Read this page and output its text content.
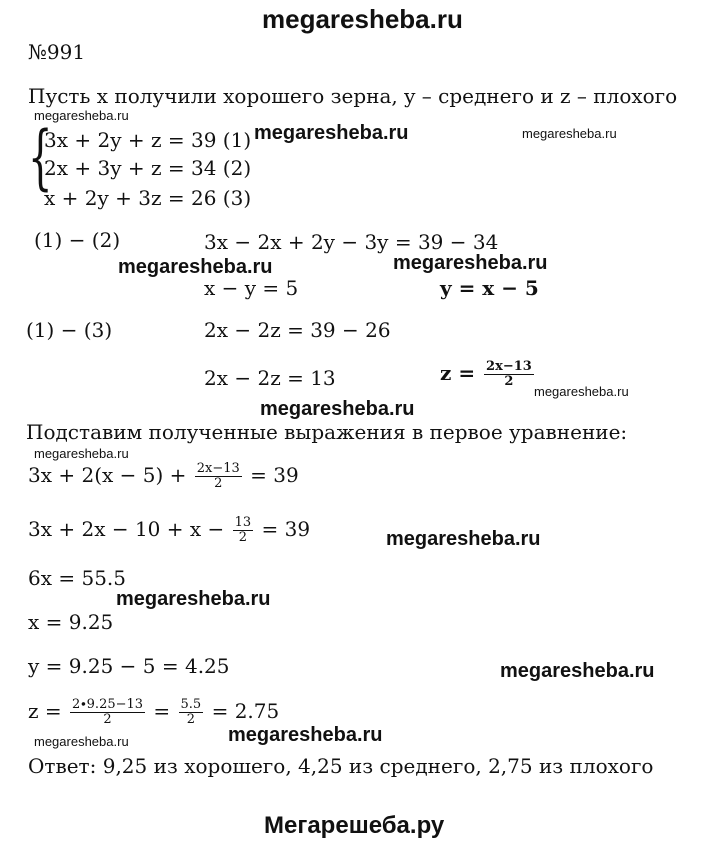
megaresheba.ru
№991
Пусть x получили хорошего зерна, y – среднего и z – плохого
megaresheba.ru
{
3x + 2y + z = 39 (1)
2x + 3y + z = 34 (2)
x + 2y + 3z = 26 (3)
megaresheba.ru	megaresheba.ru
(1) − (2)	3x − 2x + 2y − 3y = 39 − 34
megaresheba.ru	megaresheba.ru
x − y = 5	y = x − 5
(1) − (3)	2x − 2z = 39 − 26
2x − 2z = 13	$z = \frac{2x-13}{2}$
megaresheba.ru
megaresheba.ru
Подставим полученные выражения в первое уравнение:
megaresheba.ru
$3x + 2(x - 5) + \frac{2x-13}{2} = 39$
$3x + 2x - 10 + x - \frac{13}{2} = 39$	megaresheba.ru
6x = 55.5
megaresheba.ru
x = 9.25
y = 9.25 − 5 = 4.25	megaresheba.ru
$z = \frac{2\cdot 9.25-13}{2} = \frac{5.5}{2} = 2.75$
megaresheba.ru	megaresheba.ru
Ответ: 9,25 из хорошего, 4,25 из среднего, 2,75 из плохого
Мегарешеба.ру
